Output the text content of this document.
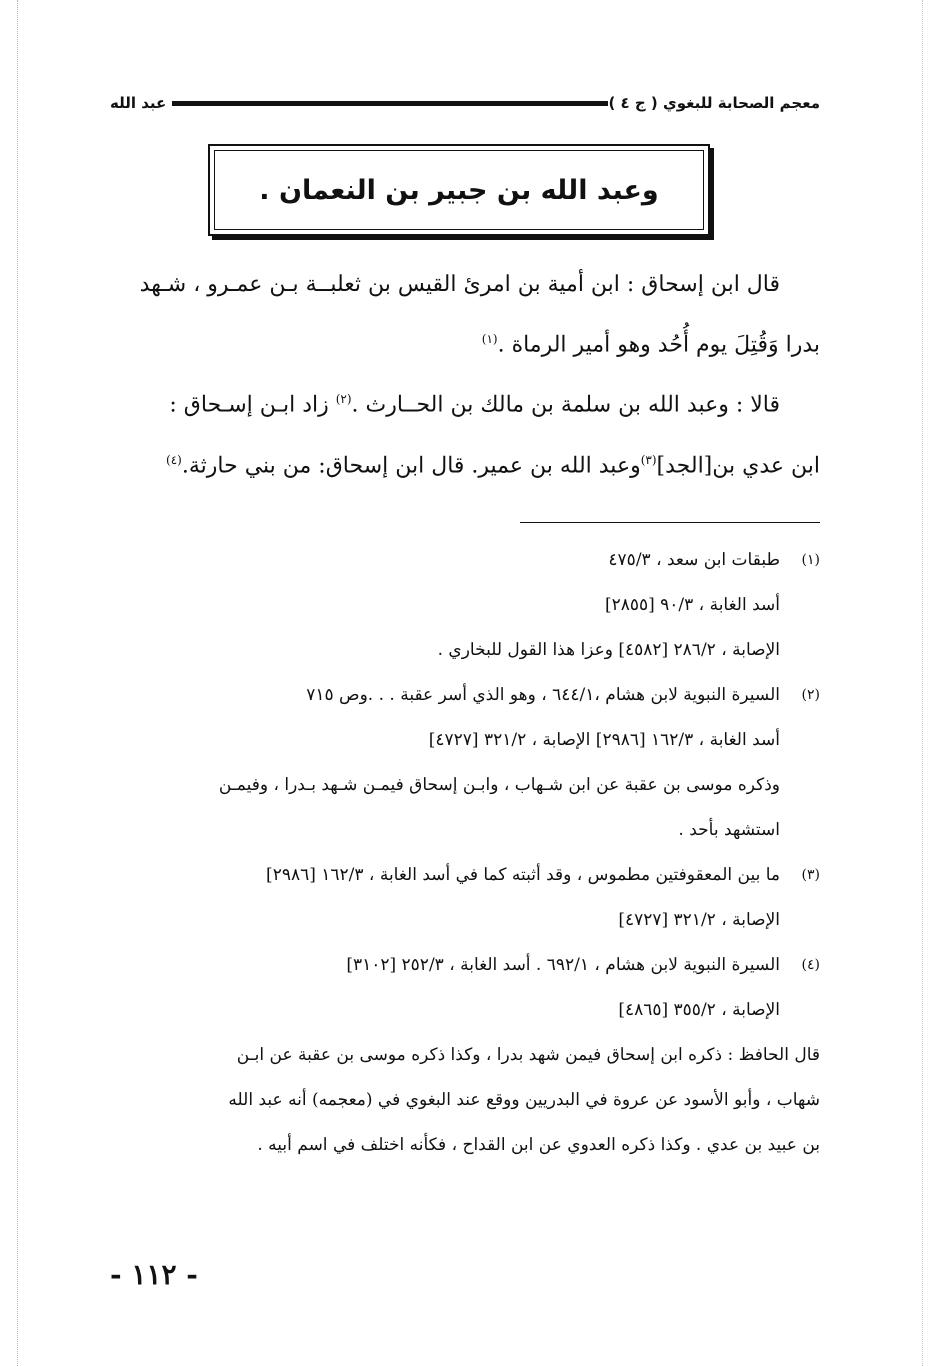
معجم الصحابة للبغوي ( ج ٤ )
عبد الله
وعبد الله بن جبير بن النعمان .

قال ابن إسحاق : ابن أمية بن امرئ القيس بن ثعلبــة بـن عمـرو ، شـهد

بدرا وَقُتِلَ يوم أُحُد وهو أمير الرماة .$^{(١)}$

قالا : وعبد الله بن سلمة بن مالك بن الحــارث .$^{(٢)}$ زاد ابـن إسـحاق :

ابن عدي بن[الجد]$^{(٣)}$وعبد الله بن عمير. قال ابن إسحاق: من بني حارثة.$^{(٤)}$

(١)
طبقات ابن سعد ، ٤٧٥/٣

أسد الغابة ، ٩٠/٣ [٢٨٥٥]

الإصابة ، ٢٨٦/٢ [٤٥٨٢] وعزا هذا القول للبخاري .

(٢)
السيرة النبوية لابن هشام ،٦٤٤/١ ، وهو الذي أسر عقبة . . .وص ٧١٥

أسد الغابة ، ١٦٢/٣ [٢٩٨٦] الإصابة ، ٣٢١/٢ [٤٧٢٧]

وذكره موسى بن عقبة عن ابن شـهاب ، وابـن إسحاق فيمـن شـهد بـدرا ، وفيمـن

استشهد بأحد .

(٣)
ما بين المعقوفتين مطموس ، وقد أثبته كما في أسد الغابة ، ١٦٢/٣ [٢٩٨٦]

الإصابة ، ٣٢١/٢ [٤٧٢٧]

(٤)
السيرة النبوية لابن هشام ، ٦٩٢/١ . أسد الغابة ، ٢٥٢/٣ [٣١٠٢]

الإصابة ، ٣٥٥/٢ [٤٨٦٥]

قال الحافظ : ذكره ابن إسحاق فيمن شهد بدرا ، وكذا ذكره موسى بن عقبة عن ابـن

شهاب ، وأبو الأسود عن عروة في البدريين ووقع عند البغوي في (معجمه) أنه عبد الله

بن عبيد بن عدي . وكذا ذكره العدوي عن ابن القداح ، فكأنه اختلف في اسم أبيه .

- ١١٢ -
